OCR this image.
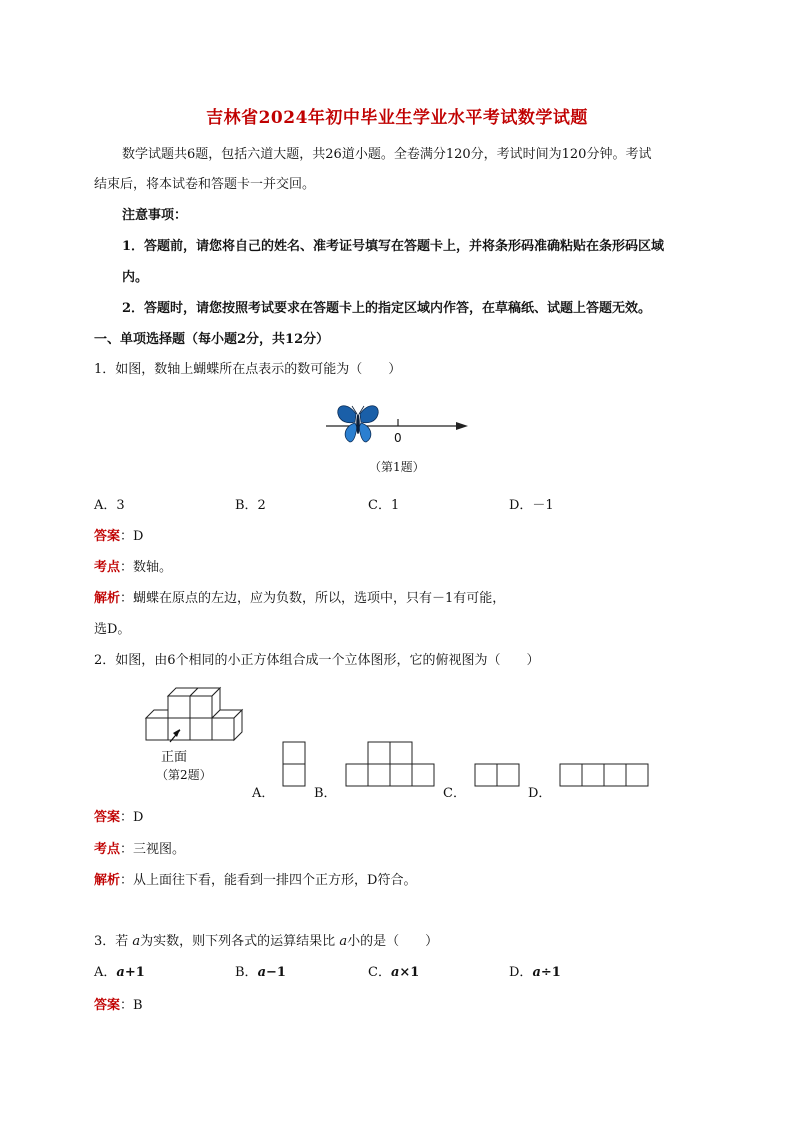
吉林省2024年初中毕业生学业水平考试数学试题
数学试题共6题，包括六道大题，共26道小题。全卷满分120分，考试时间为120分钟。考试
结束后，将本试卷和答题卡一并交回。
注意事项：
1．答题前，请您将自己的姓名、准考证号填写在答题卡上，并将条形码准确粘贴在条形码区域
内。
2．答题时，请您按照考试要求在答题卡上的指定区域内作答，在草稿纸、试题上答题无效。
一、单项选择题（每小题2分，共12分）
1．如图，数轴上蝴蝶所在点表示的数可能为（　　）
0
（第1题）
A．3	B．2	C．1	D．－1
答案：D
考点：数轴。
解析：蝴蝶在原点的左边，应为负数，所以，选项中，只有－1有可能，
选D。
2．如图，由6个相同的小正方体组合成一个立体图形，它的俯视图为（　　）
正面
（第2题）
A．	B．	C．	D．
答案：D
考点：三视图。
解析：从上面往下看，能看到一排四个正方形，D符合。
3．若 a为实数，则下列各式的运算结果比 a小的是（　　）
A．a+1	B．a−1	C．a×1	D．a÷1
答案：B
